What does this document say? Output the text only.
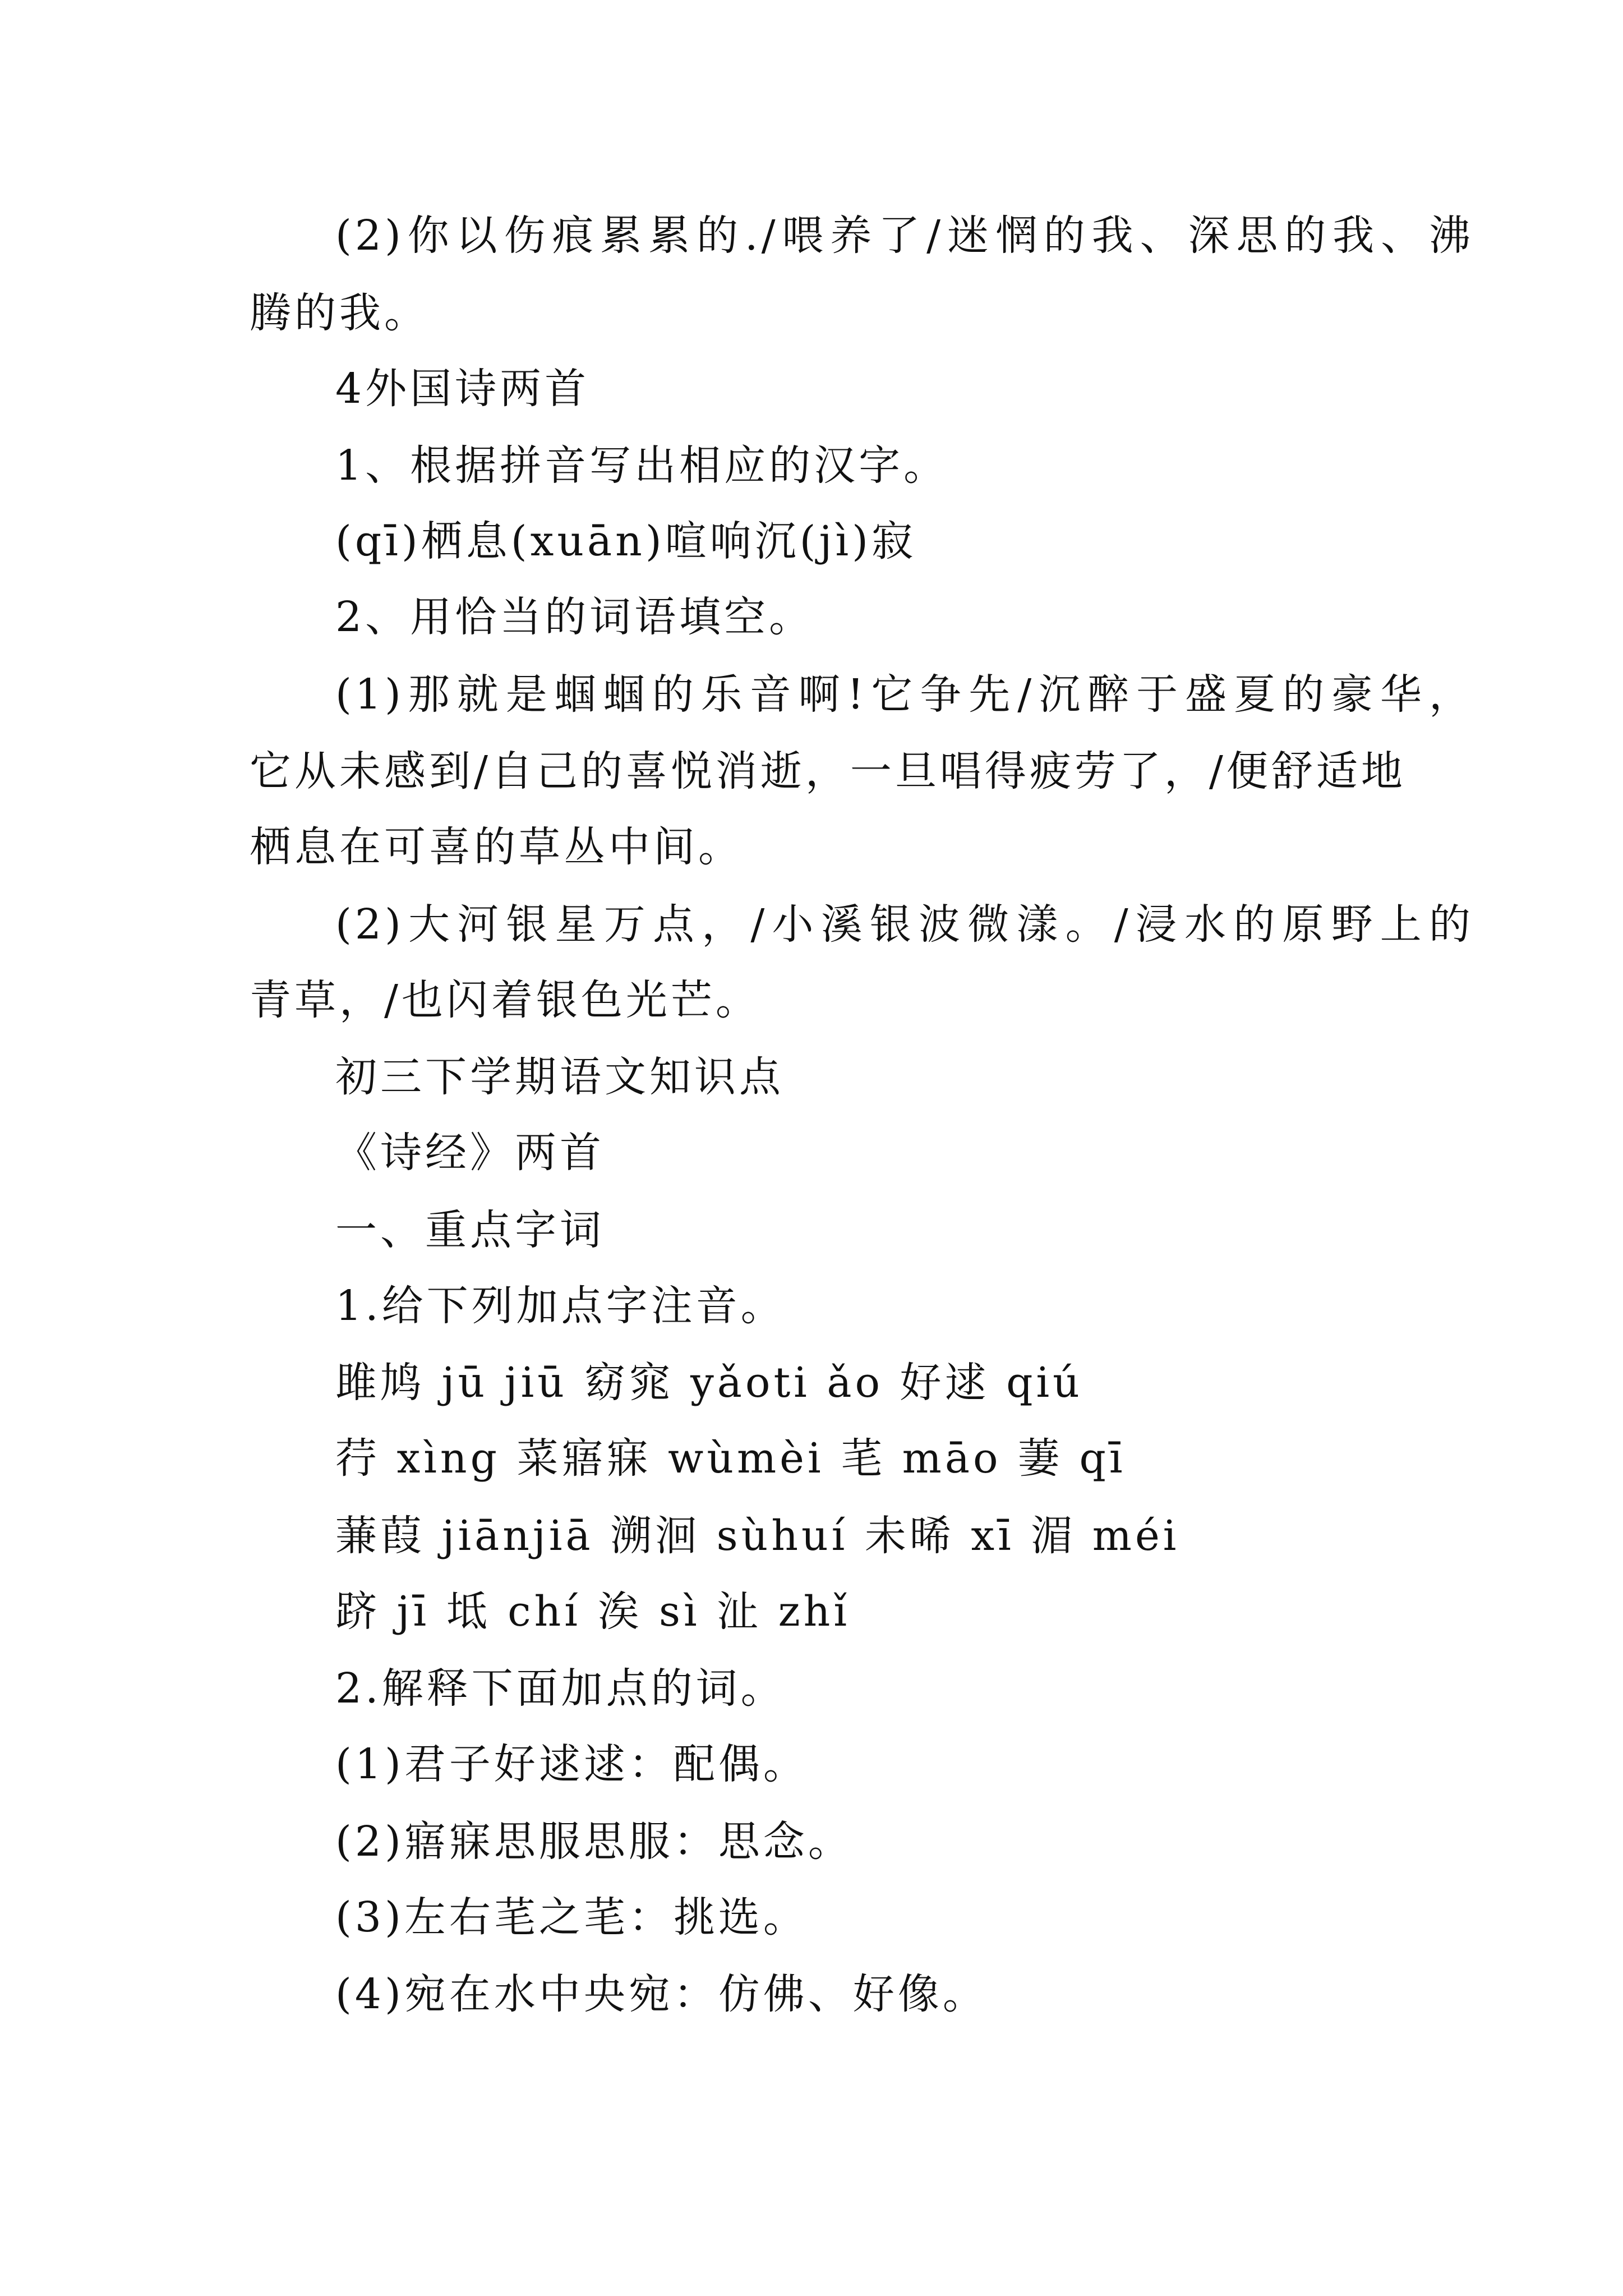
(2)你以伤痕累累的./喂养了/迷惘的我、深思的我、沸
腾的我。
4外国诗两首
1、根据拼音写出相应的汉字。
(qī)栖息(xuān)喧响沉(jì)寂
2、用恰当的词语填空。
(1)那就是蝈蝈的乐音啊!它争先/沉醉于盛夏的豪华，
它从未感到/自己的喜悦消逝，一旦唱得疲劳了，/便舒适地
栖息在可喜的草丛中间。
(2)大河银星万点，/小溪银波微漾。/浸水的原野上的
青草，/也闪着银色光芒。
初三下学期语文知识点
《诗经》两首
一、重点字词
1.给下列加点字注音。
雎鸠 jū jiū 窈窕 yǎoti ǎo 好逑 qiú
荇 xìng 菜寤寐 wùmèi 芼 māo 萋 qī
蒹葭 jiānjiā 溯洄 sùhuí 未晞 xī 湄 méi
跻 jī 坻 chí 涘 sì 沚 zhǐ
2.解释下面加点的词。
(1)君子好逑逑：配偶。
(2)寤寐思服思服：思念。
(3)左右芼之芼：挑选。
(4)宛在水中央宛：仿佛、好像。
